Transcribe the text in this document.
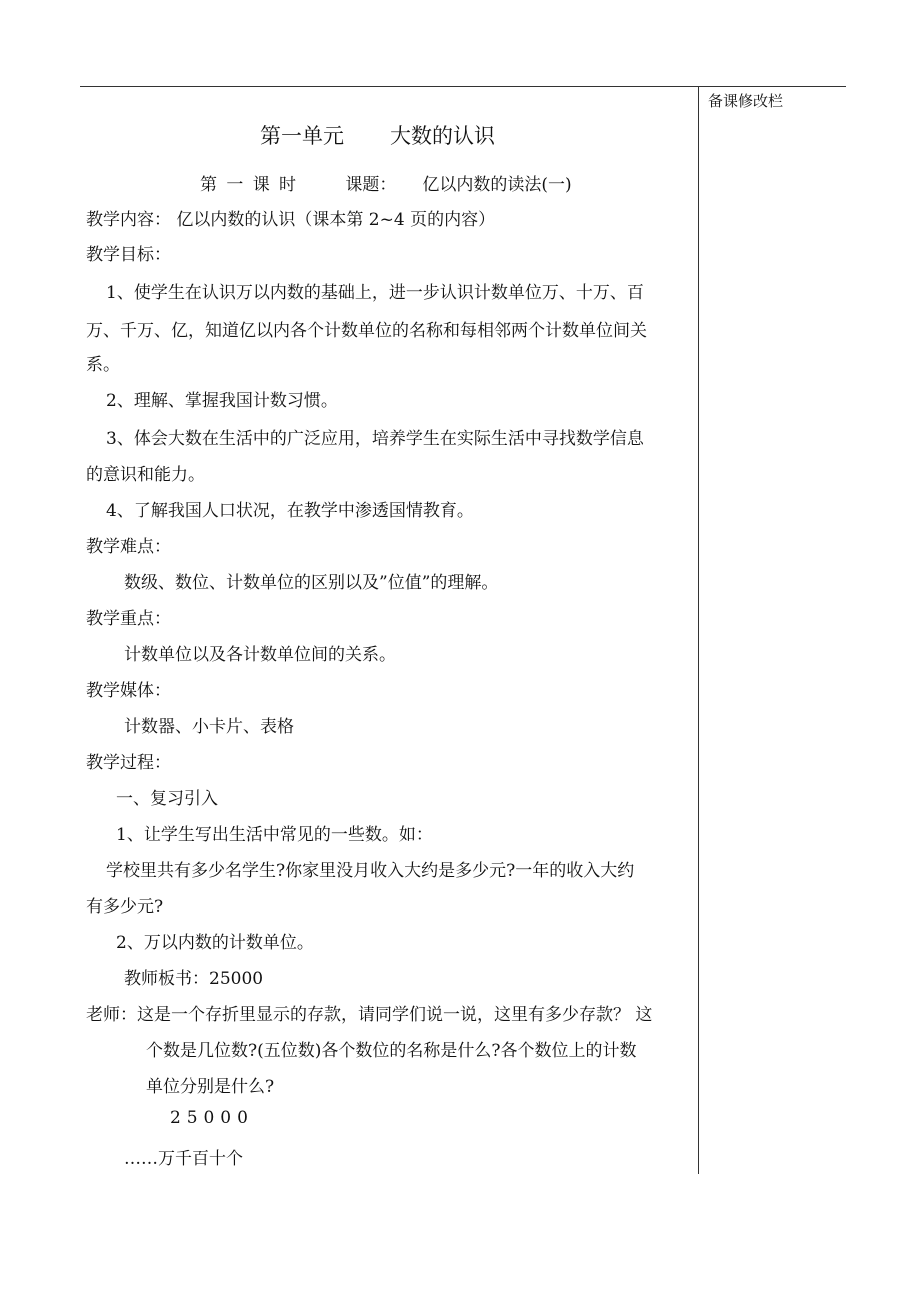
备课修改栏
第一单元 大数的认识
第一课时 课题： 亿以内数的读法(一)
教学内容： 亿以内数的认识（课本第 2~4 页的内容）
教学目标：
1、使学生在认识万以内数的基础上，进一步认识计数单位万、十万、百
万、千万、亿，知道亿以内各个计数单位的名称和每相邻两个计数单位间关
系。
2、理解、掌握我国计数习惯。
3、体会大数在生活中的广泛应用，培养学生在实际生活中寻找数学信息
的意识和能力。
4、了解我国人口状况，在教学中渗透国情教育。
教学难点：
数级、数位、计数单位的区别以及”位值”的理解。
教学重点：
计数单位以及各计数单位间的关系。
教学媒体：
计数器、小卡片、表格
教学过程：
一、复习引入
1、让学生写出生活中常见的一些数。如：
学校里共有多少名学生?你家里没月收入大约是多少元?一年的收入大约
有多少元?
2、万以内数的计数单位。
教师板书：25000
老师：这是一个存折里显示的存款，请同学们说一说，这里有多少存款？ 这
个数是几位数?(五位数)各个数位的名称是什么?各个数位上的计数
单位分别是什么?
25000
……万千百十个
